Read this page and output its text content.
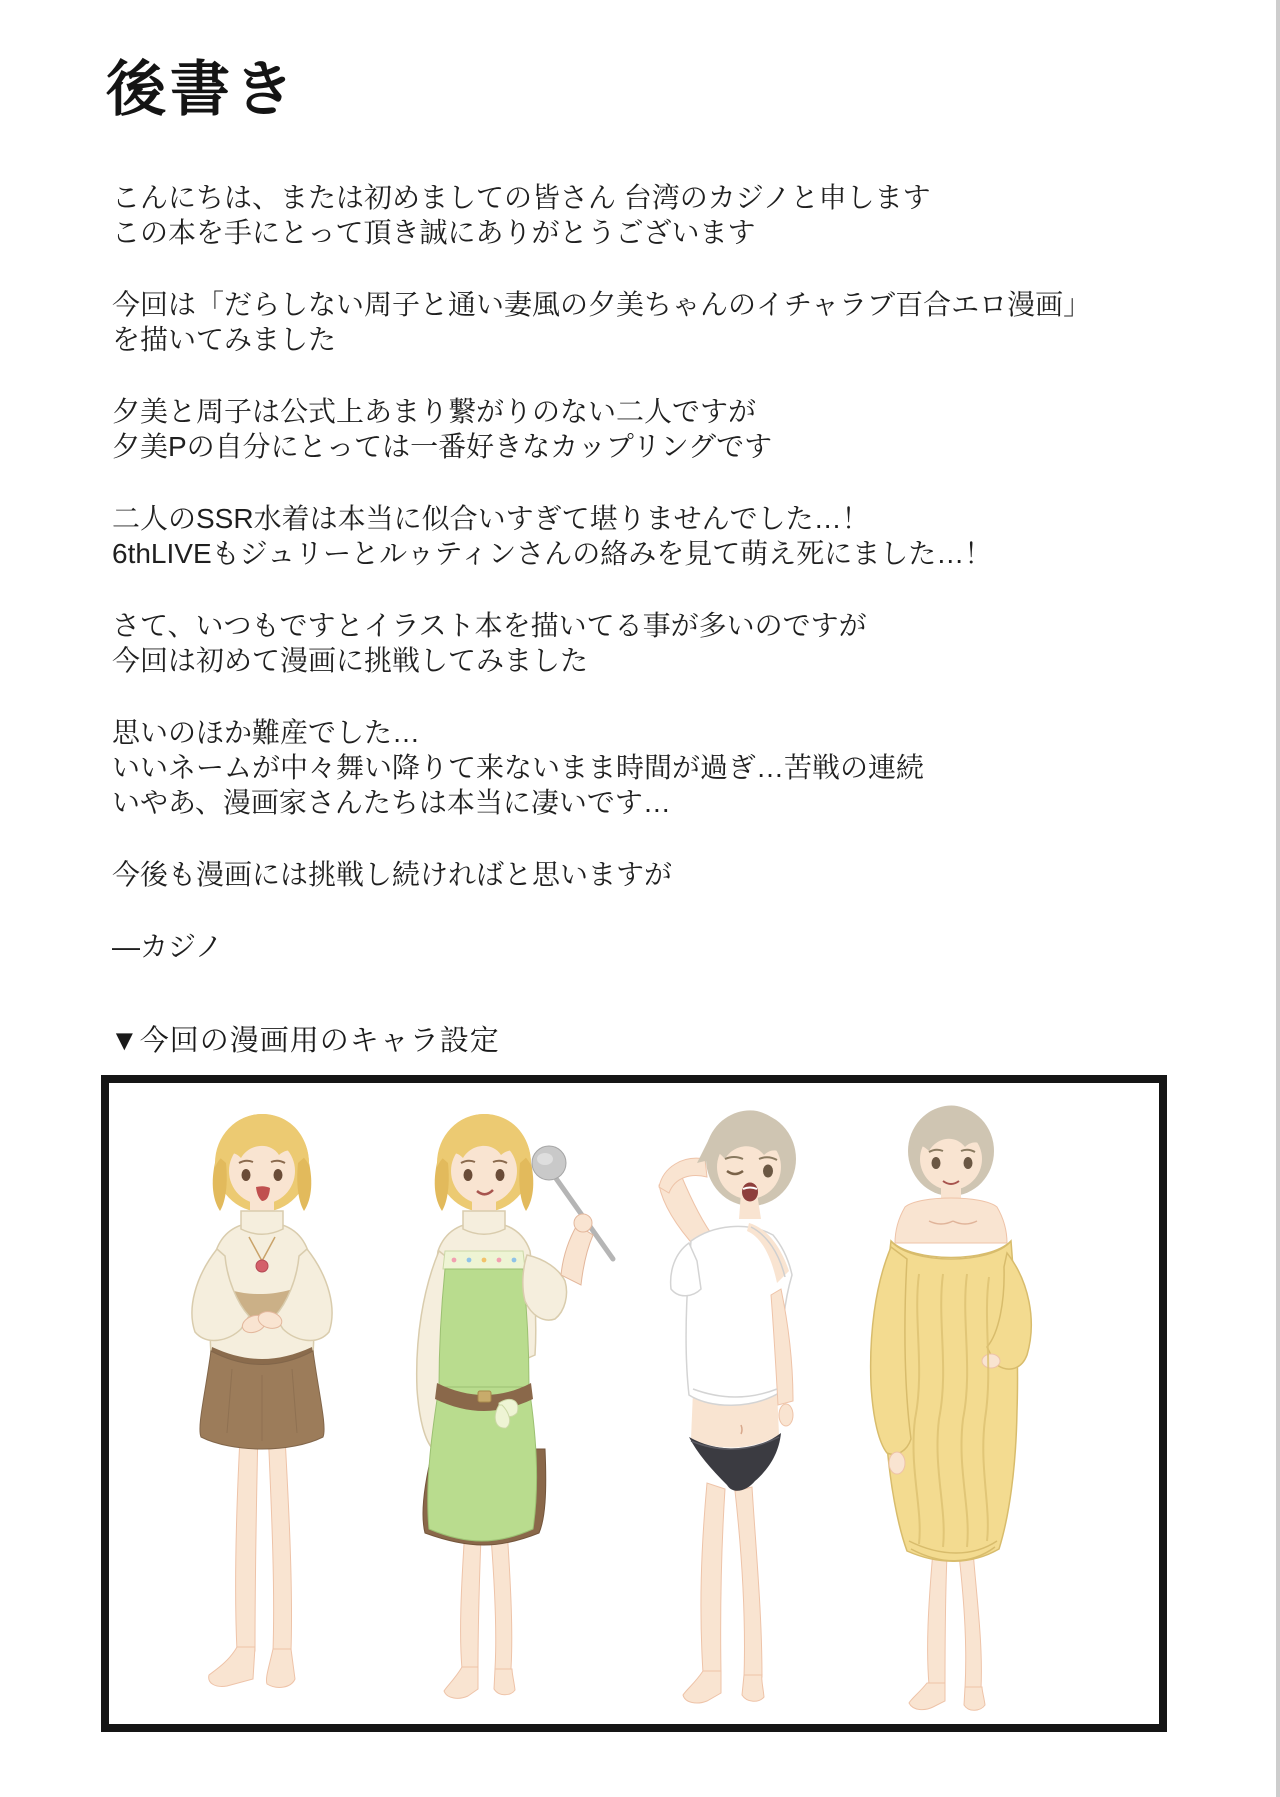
後書き

こんにちは、または初めましての皆さん 台湾のカジノと申します
この本を手にとって頂き誠にありがとうございます

今回は「だらしない周子と通い妻風の夕美ちゃんのイチャラブ百合エロ漫画」
を描いてみました

夕美と周子は公式上あまり繋がりのない二人ですが
夕美Pの自分にとっては一番好きなカップリングです

二人のSSR水着は本当に似合いすぎて堪りませんでした…！
6thLIVEもジュリーとルゥティンさんの絡みを見て萌え死にました…！

さて、いつもですとイラスト本を描いてる事が多いのですが
今回は初めて漫画に挑戦してみました

思いのほか難産でした…
いいネームが中々舞い降りて来ないまま時間が過ぎ…苦戦の連続
いやあ、漫画家さんたちは本当に凄いです…

今後も漫画には挑戦し続ければと思いますが

―カジノ

▼今回の漫画用のキャラ設定
